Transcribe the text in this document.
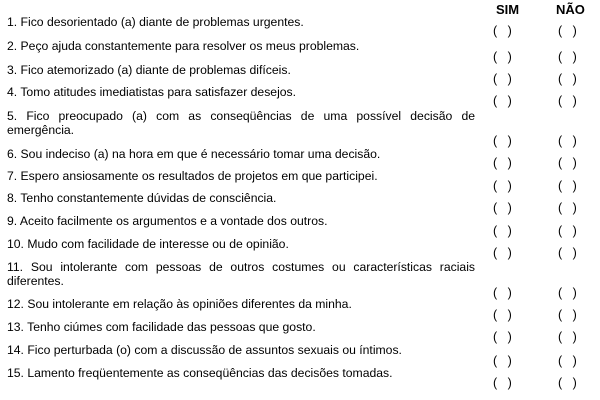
SIM	NÃO
1. Fico desorientado (a) diante de problemas urgentes.
(   )	(   )
2. Peço ajuda constantemente para resolver os meus problemas.
(   )	(   )
3. Fico atemorizado (a) diante de problemas difíceis.
(   )	(   )
4. Tomo atitudes imediatistas para satisfazer desejos.
(   )	(   )
5. Fico preocupado (a) com as conseqüências de uma possível decisão de emergência.
(   )	(   )
6. Sou indeciso (a) na hora em que é necessário tomar uma decisão.
(   )	(   )
7. Espero ansiosamente os resultados de projetos em que participei.
(   )	(   )
8. Tenho constantemente dúvidas de consciência.
(   )	(   )
9. Aceito facilmente os argumentos e a vontade dos outros.
(   )	(   )
10. Mudo com facilidade de interesse ou de opinião.
(   )	(   )
11. Sou intolerante com pessoas de outros costumes ou características raciais diferentes.
(   )	(   )
12. Sou intolerante em relação às opiniões diferentes da minha.
(   )	(   )
13. Tenho ciúmes com facilidade das pessoas que gosto.
(   )	(   )
14. Fico perturbada (o) com a discussão de assuntos sexuais ou íntimos.
(   )	(   )
15. Lamento freqüentemente as conseqüências das decisões tomadas.
(   )	(   )
